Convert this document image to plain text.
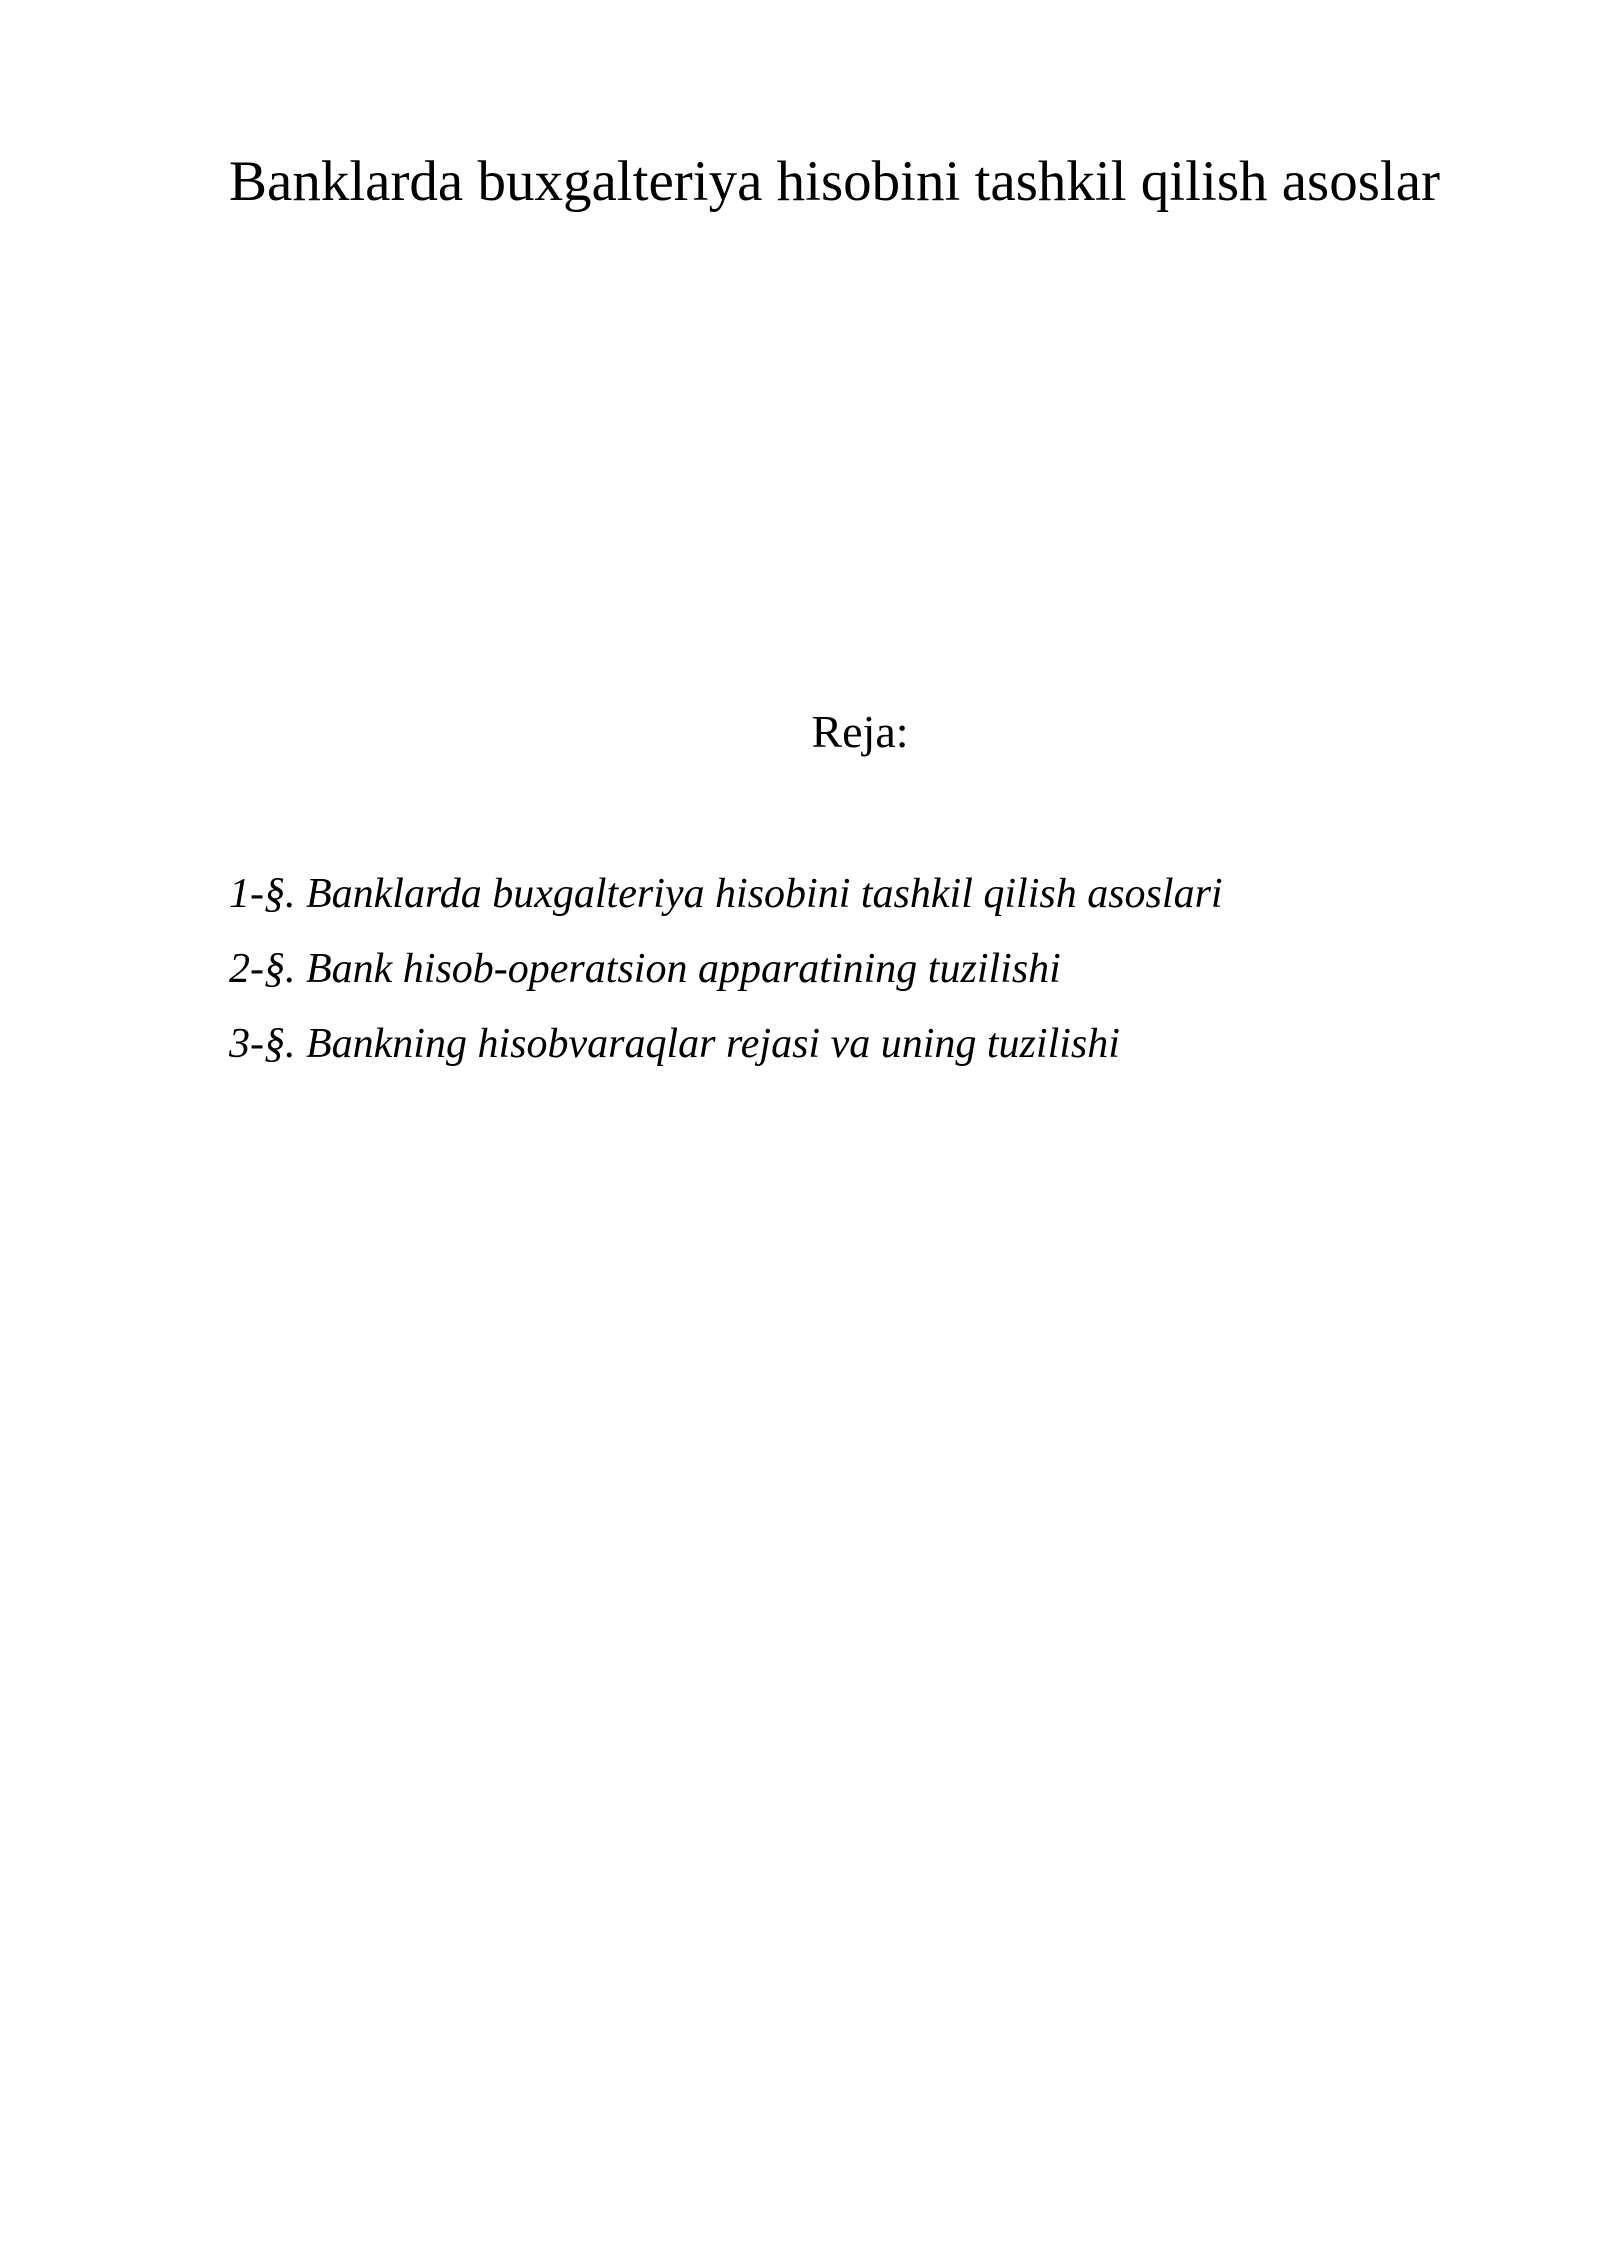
Banklarda buxgalteriya hisobini tashkil qilish asoslar
Reja:
1-§. Banklarda buxgalteriya hisobini tashkil qilish asoslari
2-§. Bank hisob-operatsion apparatining tuzilishi
3-§. Bankning hisobvaraqlar rejasi va uning tuzilishi
